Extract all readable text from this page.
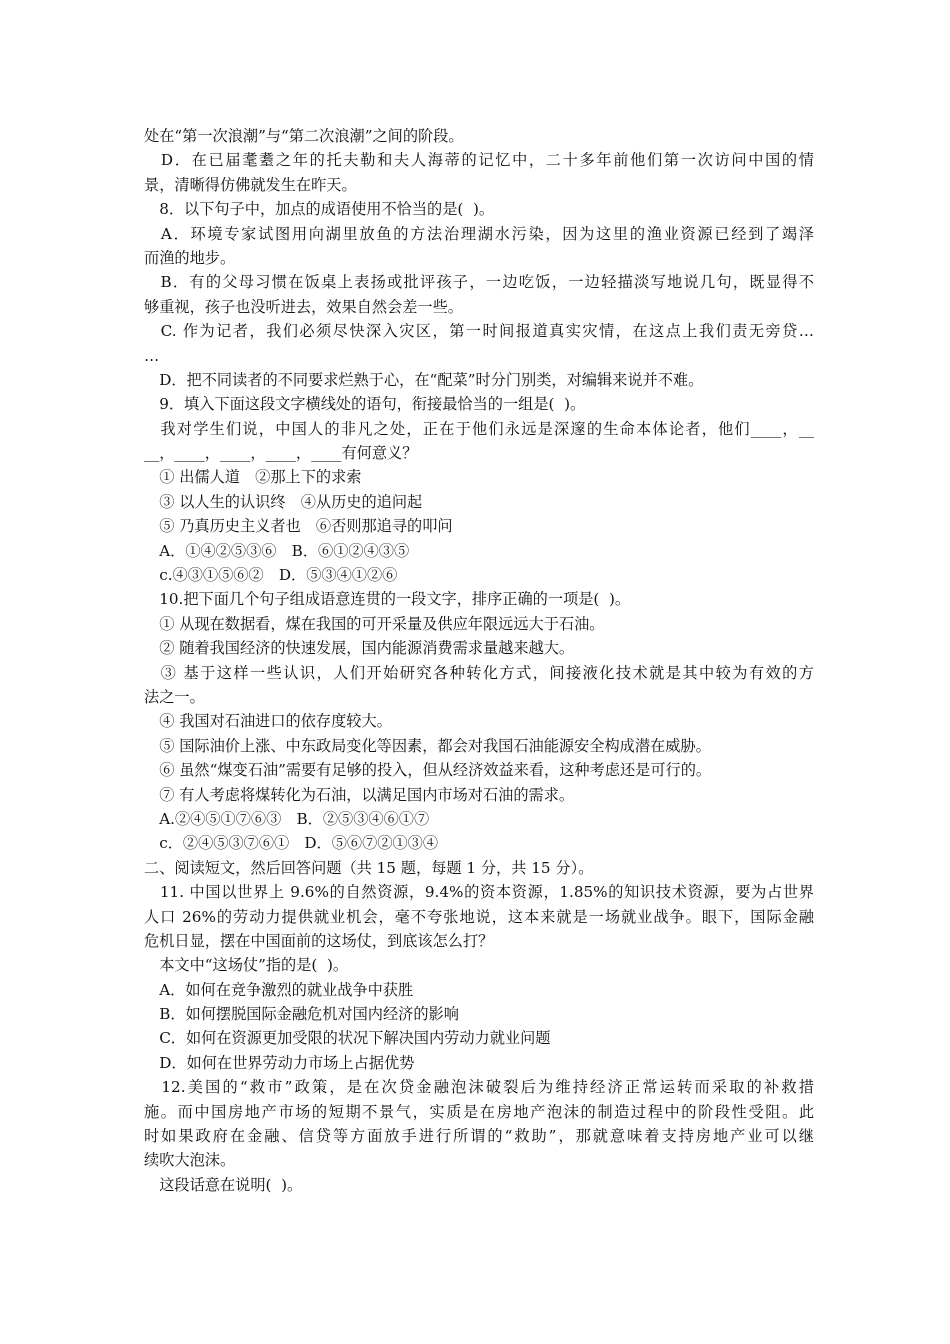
处在“第一次浪潮”与“第二次浪潮”之间的阶段。
　D．在已届耄耋之年的托夫勒和夫人海蒂的记忆中，二十多年前他们第一次访问中国的情
景，清晰得仿佛就发生在昨天。
　8．以下句子中，加点的成语使用不恰当的是(  )。
　A．环境专家试图用向湖里放鱼的方法治理湖水污染，因为这里的渔业资源已经到了竭泽
而渔的地步。
　B．有的父母习惯在饭桌上表扬或批评孩子，一边吃饭，一边轻描淡写地说几句，既显得不
够重视，孩子也没听进去，效果自然会差一些。
　C. 作为记者，我们必须尽快深入灾区，第一时间报道真实灾情，在这点上我们责无旁贷…
…
　D．把不同读者的不同要求烂熟于心，在“配菜”时分门别类，对编辑来说并不难。
　9．填入下面这段文字横线处的语句，衔接最恰当的一组是(  )。
　我对学生们说，中国人的非凡之处，正在于他们永远是深邃的生命本体论者，他们____，__
__，____，____，____，____有何意义？
　① 出儒人道　②那上下的求索
　③ 以人生的认识终　④从历史的追问起
　⑤ 乃真历史主义者也　⑥否则那追寻的叩问
　A．①④②⑤③⑥　B．⑥①②④③⑤
　c.④③①⑤⑥②　D．⑤③④①②⑥
　10.把下面几个句子组成语意连贯的一段文字，排序正确的一项是(  )。
　① 从现在数据看，煤在我国的可开采量及供应年限远远大于石油。
　② 随着我国经济的快速发展，国内能源消费需求量越来越大。
　③ 基于这样一些认识，人们开始研究各种转化方式，间接液化技术就是其中较为有效的方
法之一。
　④ 我国对石油进口的依存度较大。
　⑤ 国际油价上涨、中东政局变化等因素，都会对我国石油能源安全构成潜在威胁。
　⑥ 虽然“煤变石油”需要有足够的投入，但从经济效益来看，这种考虑还是可行的。
　⑦ 有人考虑将煤转化为石油，以满足国内市场对石油的需求。
　A.②④⑤①⑦⑥③　B．②⑤③④⑥①⑦
　c．②④⑤③⑦⑥①　D．⑤⑥⑦②①③④
二、阅读短文，然后回答问题（共 15 题，每题 1 分，共 15 分）。
　11. 中国以世界上 9.6%的自然资源，9.4%的资本资源，1.85%的知识技术资源，要为占世界
人口 26%的劳动力提供就业机会，毫不夸张地说，这本来就是一场就业战争。眼下，国际金融
危机日显，摆在中国面前的这场仗，到底该怎么打？
　本文中“这场仗”指的是(  )。
　A．如何在竞争激烈的就业战争中获胜
　B．如何摆脱国际金融危机对国内经济的影响
　C．如何在资源更加受限的状况下解决国内劳动力就业问题
　D．如何在世界劳动力市场上占据优势
　12.美国的“救市”政策，是在次贷金融泡沫破裂后为维持经济正常运转而采取的补救措
施。而中国房地产市场的短期不景气，实质是在房地产泡沫的制造过程中的阶段性受阻。此
时如果政府在金融、信贷等方面放手进行所谓的“救助”，那就意味着支持房地产业可以继
续吹大泡沫。
　这段话意在说明(  )。
